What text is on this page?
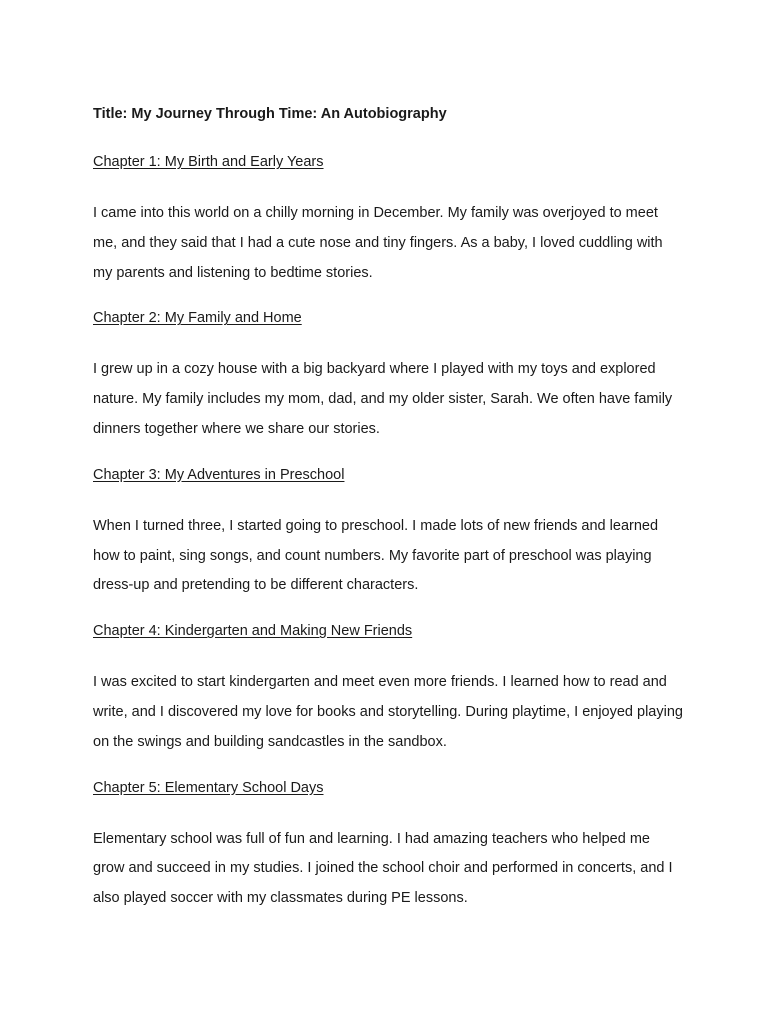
Title: My Journey Through Time: An Autobiography

Chapter 1: My Birth and Early Years

I came into this world on a chilly morning in December. My family was overjoyed to meet me, and they said that I had a cute nose and tiny fingers. As a baby, I loved cuddling with my parents and listening to bedtime stories.

Chapter 2: My Family and Home

I grew up in a cozy house with a big backyard where I played with my toys and explored nature. My family includes my mom, dad, and my older sister, Sarah. We often have family dinners together where we share our stories.

Chapter 3: My Adventures in Preschool

When I turned three, I started going to preschool. I made lots of new friends and learned how to paint, sing songs, and count numbers. My favorite part of preschool was playing dress-up and pretending to be different characters.

Chapter 4: Kindergarten and Making New Friends

I was excited to start kindergarten and meet even more friends. I learned how to read and write, and I discovered my love for books and storytelling. During playtime, I enjoyed playing on the swings and building sandcastles in the sandbox.

Chapter 5: Elementary School Days

Elementary school was full of fun and learning. I had amazing teachers who helped me grow and succeed in my studies. I joined the school choir and performed in concerts, and I also played soccer with my classmates during PE lessons.
